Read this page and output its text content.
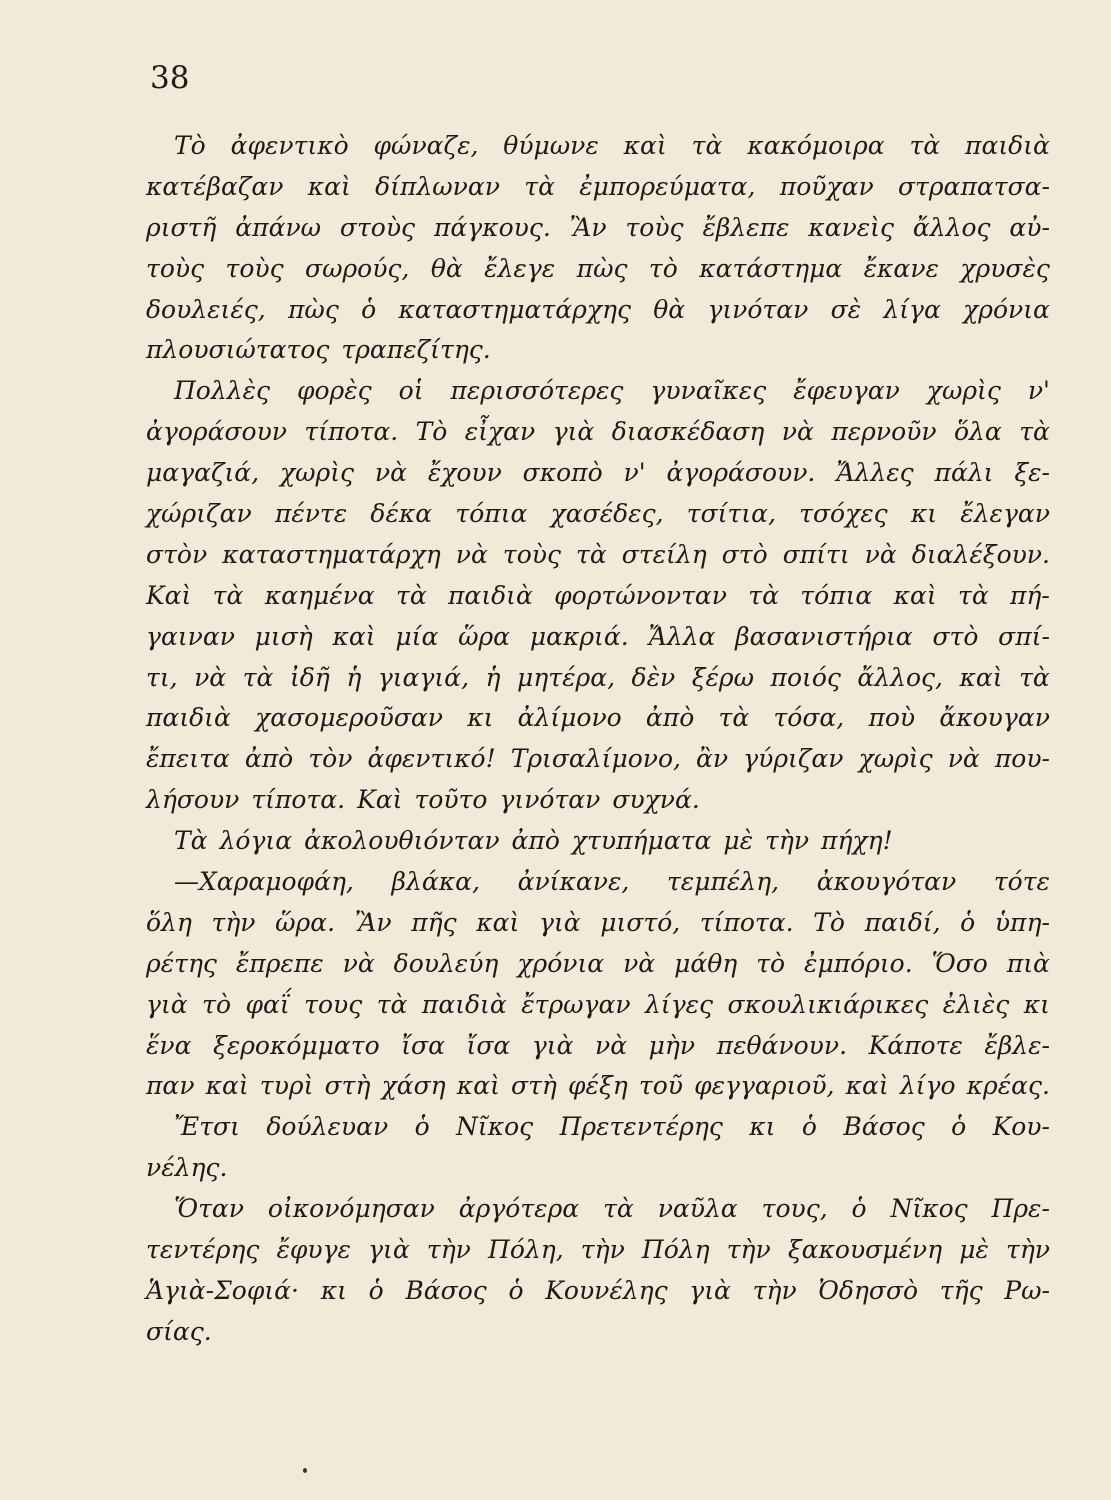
38
Τὸ ἀφεντικὸ φώναζε, θύμωνε καὶ τὰ κακόμοιρα τὰ παιδιὰ
κατέβαζαν καὶ δίπλωναν τὰ ἐμπορεύματα, ποῦχαν στραπατσα-
ριστῆ ἀπάνω στοὺς πάγκους. Ἂν τοὺς ἔβλεπε κανεὶς ἄλλος αὐ-
τοὺς τοὺς σωρούς, θὰ ἔλεγε πὼς τὸ κατάστημα ἔκανε χρυσὲς
δουλειές, πὼς ὁ καταστηματάρχης θὰ γινόταν σὲ λίγα χρόνια
πλουσιώτατος τραπεζίτης.
Πολλὲς φορὲς οἱ περισσότερες γυναῖκες ἔφευγαν χωρὶς ν'
ἀγοράσουν τίποτα. Τὸ εἶχαν γιὰ διασκέδαση νὰ περνοῦν ὅλα τὰ
μαγαζιά, χωρὶς νὰ ἔχουν σκοπὸ ν' ἀγοράσουν. Ἄλλες πάλι ξε-
χώριζαν πέντε δέκα τόπια χασέδες, τσίτια, τσόχες κι ἔλεγαν
στὸν καταστηματάρχη νὰ τοὺς τὰ στείλη στὸ σπίτι νὰ διαλέξουν.
Καὶ τὰ καημένα τὰ παιδιὰ φορτώνονταν τὰ τόπια καὶ τὰ πή-
γαιναν μισὴ καὶ μία ὥρα μακριά. Ἄλλα βασανιστήρια στὸ σπί-
τι, νὰ τὰ ἰδῆ ἡ γιαγιά, ἡ μητέρα, δὲν ξέρω ποιός ἄλλος, καὶ τὰ
παιδιὰ χασομεροῦσαν κι ἀλίμονο ἀπὸ τὰ τόσα, ποὺ ἄκουγαν
ἔπειτα ἀπὸ τὸν ἀφεντικό! Τρισαλίμονο, ἂν γύριζαν χωρὶς νὰ που-
λήσουν τίποτα. Καὶ τοῦτο γινόταν συχνά.
Τὰ λόγια ἀκολουθιόνταν ἀπὸ χτυπήματα μὲ τὴν πήχη!
—Χαραμοφάη, βλάκα, ἀνίκανε, τεμπέλη, ἀκουγόταν τότε
ὅλη τὴν ὥρα. Ἂν πῆς καὶ γιὰ μιστό, τίποτα. Τὸ παιδί, ὁ ὑπη-
ρέτης ἔπρεπε νὰ δουλεύη χρόνια νὰ μάθη τὸ ἐμπόριο. Ὅσο πιὰ
γιὰ τὸ φαΐ τους τὰ παιδιὰ ἔτρωγαν λίγες σκουλικιάρικες ἐλιὲς κι
ἕνα ξεροκόμματο ἴσα ἴσα γιὰ νὰ μὴν πεθάνουν. Κάποτε ἔβλε-
παν καὶ τυρὶ στὴ χάση καὶ στὴ φέξη τοῦ φεγγαριοῦ, καὶ λίγο κρέας.
Ἔτσι δούλευαν ὁ Νῖκος Πρετεντέρης κι ὁ Βάσος ὁ Κου-
νέλης.
Ὅταν οἰκονόμησαν ἀργότερα τὰ ναῦλα τους, ὁ Νῖκος Πρε-
τεντέρης ἔφυγε γιὰ τὴν Πόλη, τὴν Πόλη τὴν ξακουσμένη μὲ τὴν
Ἁγιὰ-Σοφιά· κι ὁ Βάσος ὁ Κουνέλης γιὰ τὴν Ὀδησσὸ τῆς Ρω-
σίας.
